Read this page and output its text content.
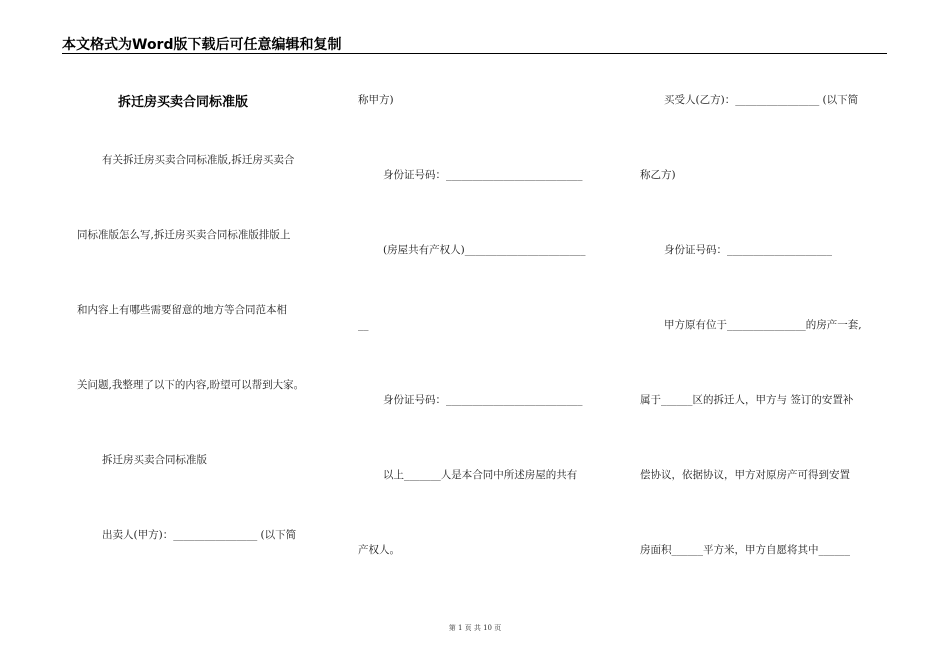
本文格式为Word版下载后可任意编辑和复制
拆迁房买卖合同标准版
有关拆迁房买卖合同标准版,拆迁房买卖合
同标准版怎么写,拆迁房买卖合同标准版排版上
和内容上有哪些需要留意的地方等合同范本相
关问题,我整理了以下的内容,盼望可以帮到大家。
拆迁房买卖合同标准版
出卖人(甲方)：________________ (以下简
称甲方)
身份证号码：__________________________
(房屋共有产权人)_______________________
__
身份证号码：__________________________
以上_______人是本合同中所述房屋的共有
产权人。
买受人(乙方)：________________ (以下简
称乙方)
身份证号码：____________________
甲方原有位于_______________的房产一套,
属于______区的拆迁人，甲方与 签订的安置补
偿协议，依据协议，甲方对原房产可得到安置
房面积______平方米，甲方自愿将其中______
第 1 页 共 10 页
